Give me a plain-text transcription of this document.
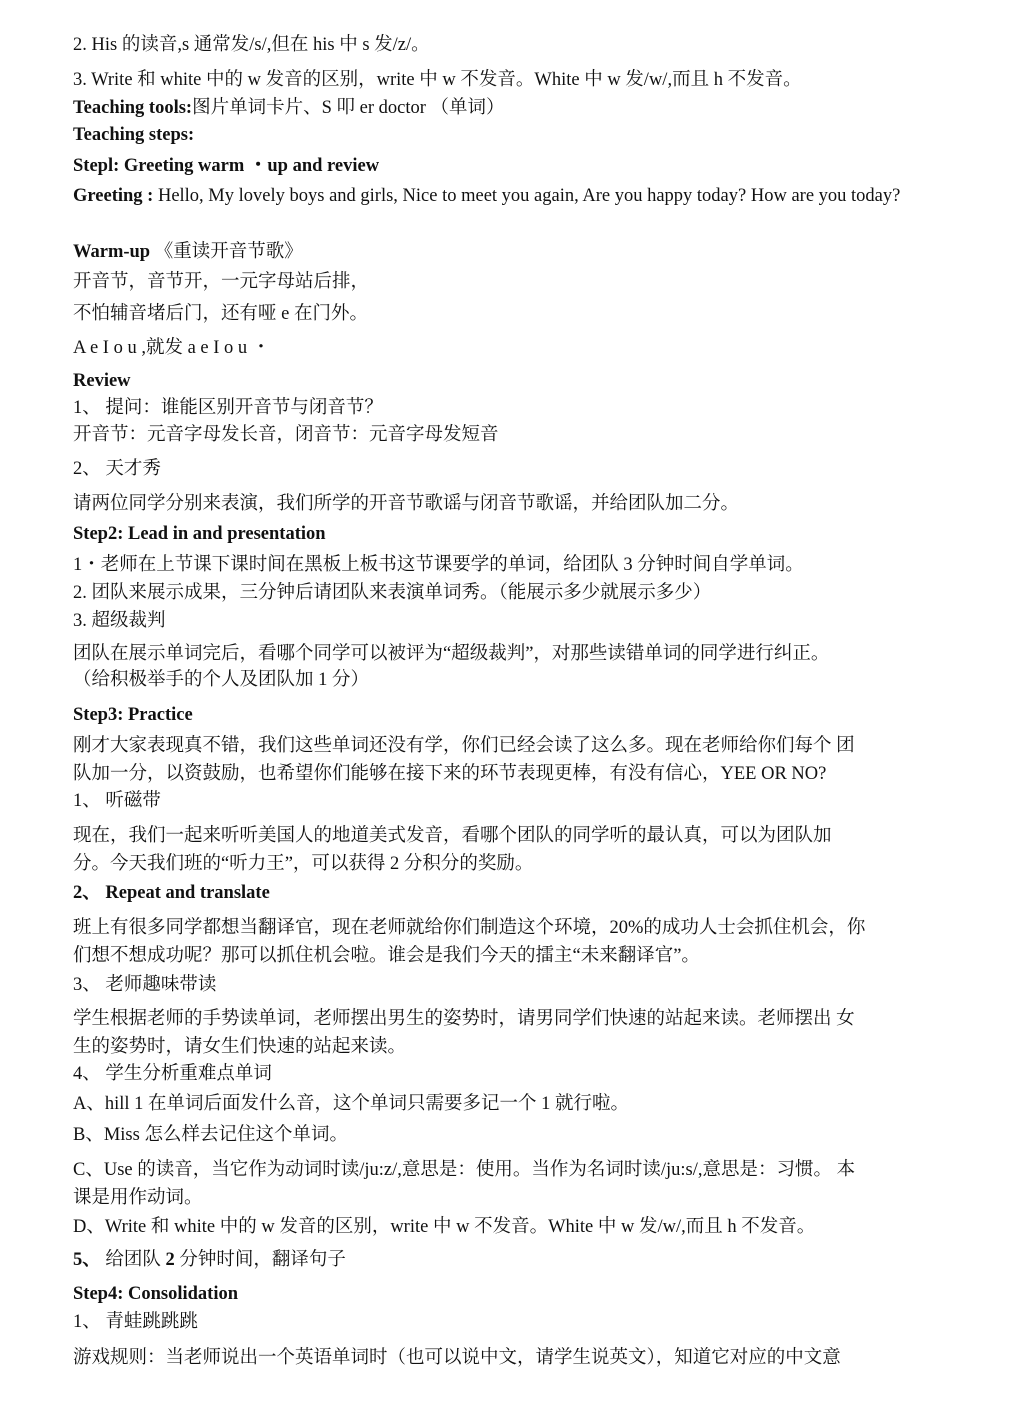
2. His 的读音,s 通常发/s/,但在 his 中 s 发/z/。
3. Write 和 white 中的 w 发音的区别，write 中 w 不发音。White 中 w 发/w/,而且 h 不发音。
Teaching tools:图片单词卡片、S 叩 er doctor （单词）
Teaching steps:
Stepl: Greeting warm ・up and review
Greeting : Hello, My lovely boys and girls, Nice to meet you again, Are you happy today? How are you today?
Warm-up 《重读开音节歌》
开音节，音节开，一元字母站后排，
不怕辅音堵后门，还有哑 e 在门外。
A e I o u ,就发 a e I o u ・
Review
1、 提问：谁能区别开音节与闭音节？
开音节：元音字母发长音，闭音节：元音字母发短音
2、 天才秀
请两位同学分别来表演，我们所学的开音节歌谣与闭音节歌谣，并给团队加二分。
Step2: Lead in and presentation
1・老师在上节课下课时间在黑板上板书这节课要学的单词，给团队 3 分钟时间自学单词。
2. 团队来展示成果，三分钟后请团队来表演单词秀。（能展示多少就展示多少）
3. 超级裁判
团队在展示单词完后，看哪个同学可以被评为“超级裁判”，对那些读错单词的同学进行纠正。
（给积极举手的个人及团队加 1 分）
Step3: Practice
刚才大家表现真不错，我们这些单词还没有学，你们已经会读了这么多。现在老师给你们每个 团
队加一分，以资鼓励，也希望你们能够在接下来的环节表现更棒，有没有信心，YEE OR NO?
1、 听磁带
现在，我们一起来听听美国人的地道美式发音，看哪个团队的同学听的最认真，可以为团队加
分。今天我们班的“听力王”，可以获得 2 分积分的奖励。
2、 Repeat and translate
班上有很多同学都想当翻译官，现在老师就给你们制造这个环境，20%的成功人士会抓住机会，你
们想不想成功呢？那可以抓住机会啦。谁会是我们今天的擂主“未来翻译官”。
3、 老师趣味带读
学生根据老师的手势读单词，老师摆出男生的姿势时，请男同学们快速的站起来读。老师摆出 女
生的姿势时，请女生们快速的站起来读。
4、 学生分析重难点单词
A、hill 1 在单词后面发什么音，这个单词只需要多记一个 1 就行啦。
B、Miss 怎么样去记住这个单词。
C、Use 的读音，当它作为动词时读/ju:z/,意思是：使用。当作为名词时读/ju:s/,意思是：习惯。 本
课是用作动词。
D、Write 和 white 中的 w 发音的区别，write 中 w 不发音。White 中 w 发/w/,而且 h 不发音。
5、 给团队 2 分钟时间，翻译句子
Step4: Consolidation
1、 青蛙跳跳跳
游戏规则：当老师说出一个英语单词时（也可以说中文，请学生说英文），知道它对应的中文意
